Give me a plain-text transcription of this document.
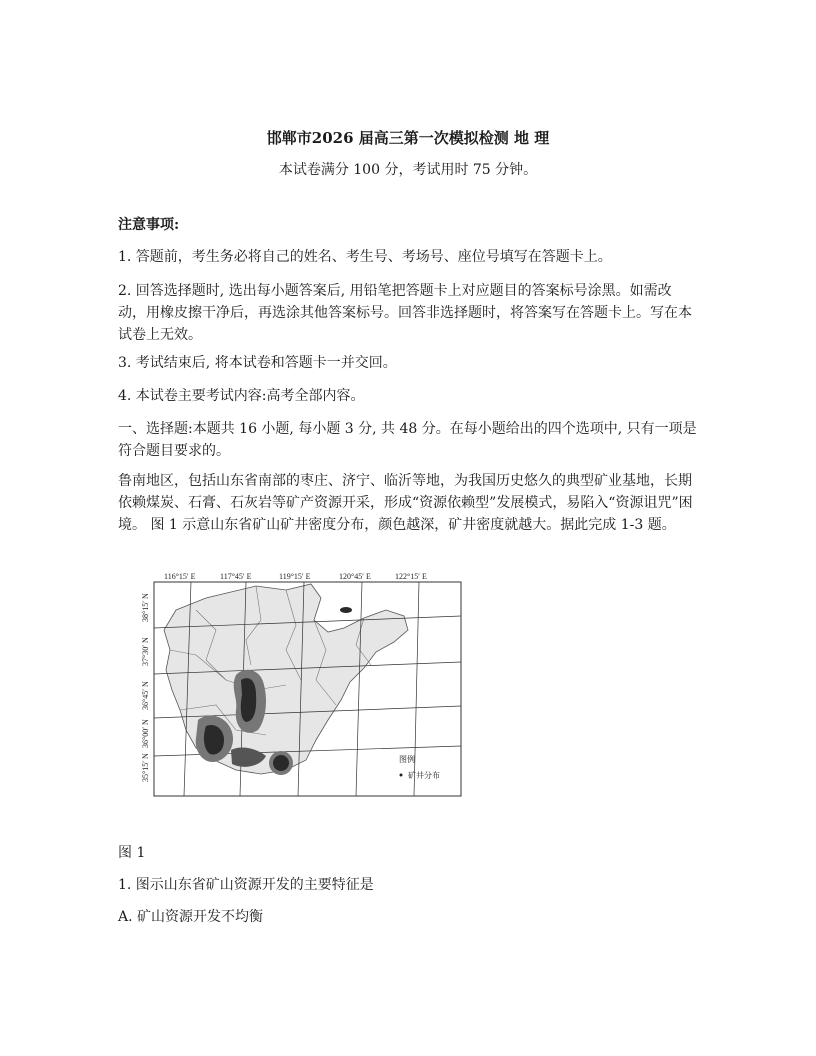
邯郸市2026 届高三第一次模拟检测 地 理
本试卷满分 100 分，考试用时 75 分钟。
注意事项:
1. 答题前，考生务必将自己的姓名、考生号、考场号、座位号填写在答题卡上。
2. 回答选择题时, 选出每小题答案后, 用铅笔把答题卡上对应题目的答案标号涂黑。如需改动，用橡皮擦干净后，再选涂其他答案标号。回答非选择题时，将答案写在答题卡上。写在本试卷上无效。
3. 考试结束后, 将本试卷和答题卡一并交回。
4. 本试卷主要考试内容:高考全部内容。
一、选择题:本题共 16 小题, 每小题 3 分, 共 48 分。在每小题给出的四个选项中, 只有一项是符合题目要求的。
鲁南地区，包括山东省南部的枣庄、济宁、临沂等地，为我国历史悠久的典型矿业基地，长期依赖煤炭、石膏、石灰岩等矿产资源开采，形成“资源依赖型”发展模式，易陷入“资源诅咒”困境。 图 1 示意山东省矿山矿井密度分布，颜色越深，矿井密度就越大。据此完成 1-3 题。
116°15′ E	117°45′ E	119°15′ E	120°45′ E	122°15′ E
38°15′ N
37°30′ N
36°45′ N
36°00′ N
35°15′ N	图例
矿井分布
图 1
1. 图示山东省矿山资源开发的主要特征是
A. 矿山资源开发不均衡
